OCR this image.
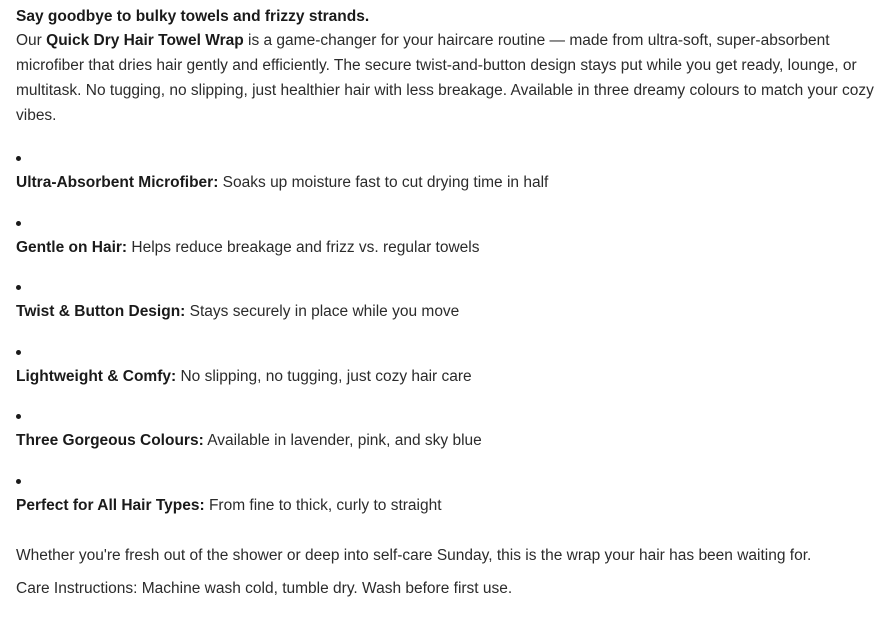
Say goodbye to bulky towels and frizzy strands.

Our Quick Dry Hair Towel Wrap is a game-changer for your haircare routine — made from ultra-soft, super-absorbent microfiber that dries hair gently and efficiently. The secure twist-and-button design stays put while you get ready, lounge, or multitask. No tugging, no slipping, just healthier hair with less breakage. Available in three dreamy colours to match your cozy vibes.

Ultra-Absorbent Microfiber: Soaks up moisture fast to cut drying time in half
Gentle on Hair: Helps reduce breakage and frizz vs. regular towels
Twist & Button Design: Stays securely in place while you move
Lightweight & Comfy: No slipping, no tugging, just cozy hair care
Three Gorgeous Colours: Available in lavender, pink, and sky blue
Perfect for All Hair Types: From fine to thick, curly to straight

Whether you're fresh out of the shower or deep into self-care Sunday, this is the wrap your hair has been waiting for.

Care Instructions: Machine wash cold, tumble dry. Wash before first use.
